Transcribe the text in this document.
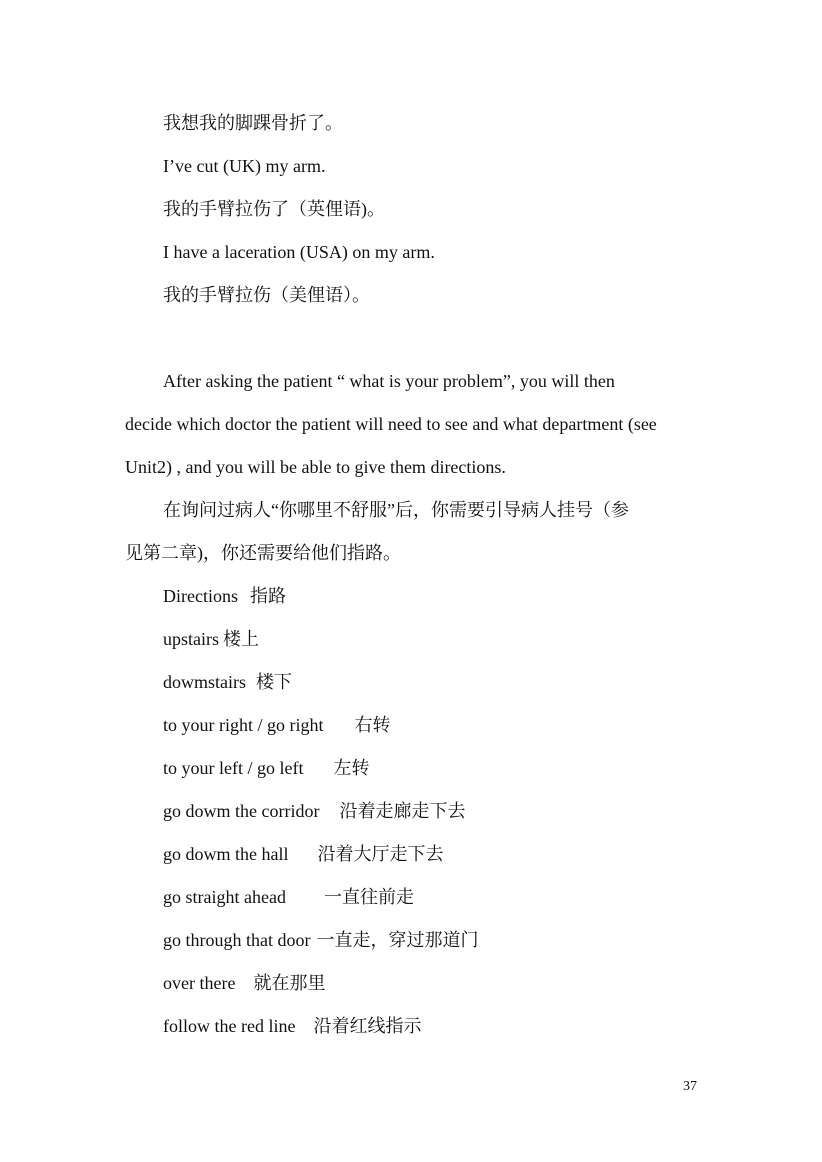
我想我的脚踝骨折了。
I’ve cut (UK) my arm.
我的手臂拉伤了（英俚语)。
I have a laceration (USA) on my arm.
我的手臂拉伤（美俚语）。
After asking the patient “ what is your problem”, you will then
decide which doctor the patient will need to see and what department (see
Unit2) , and you will be able to give them directions.
在询问过病人“你哪里不舒服”后，你需要引导病人挂号（参
见第二章)，你还需要给他们指路。
Directions 指路
upstairs 楼上
dowmstairs 楼下
to your right / go right 右转
to your left / go left 左转
go dowm the corridor 沿着走廊走下去
go dowm the hall 沿着大厅走下去
go straight ahead 一直往前走
go through that door 一直走，穿过那道门
over there 就在那里
follow the red line 沿着红线指示
37
